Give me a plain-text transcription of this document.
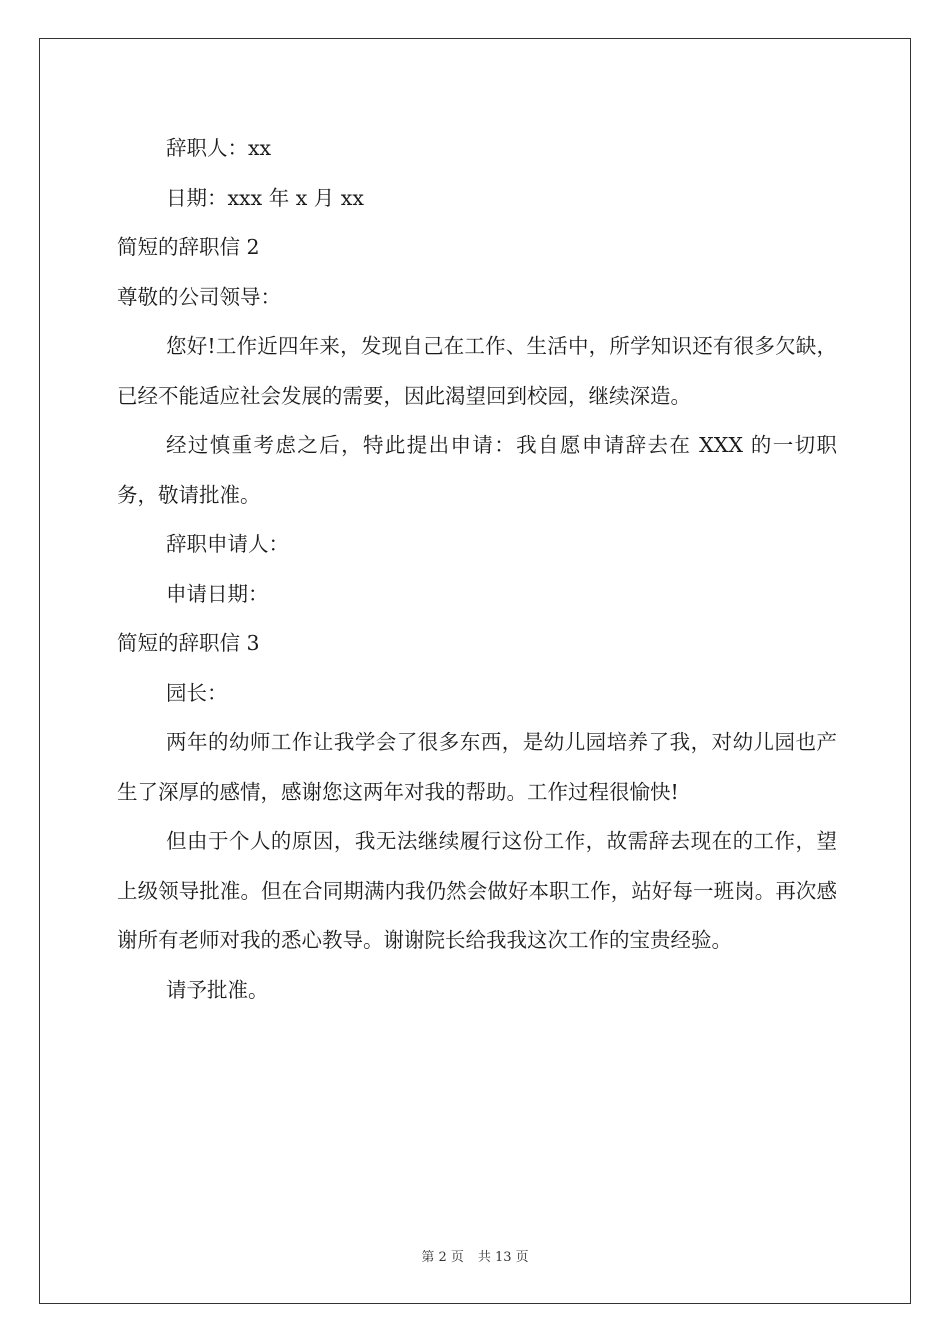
辞职人：xx

日期：xxx 年 x 月 xx

简短的辞职信 2

尊敬的公司领导：

您好!工作近四年来，发现自己在工作、生活中，所学知识还有很多欠缺，已经不能适应社会发展的需要，因此渴望回到校园，继续深造。

经过慎重考虑之后，特此提出申请：我自愿申请辞去在 XXX 的一切职务，敬请批准。

辞职申请人：

申请日期：

简短的辞职信 3

园长：

两年的幼师工作让我学会了很多东西，是幼儿园培养了我，对幼儿园也产生了深厚的感情，感谢您这两年对我的帮助。工作过程很愉快!

但由于个人的原因，我无法继续履行这份工作，故需辞去现在的工作，望上级领导批准。但在合同期满内我仍然会做好本职工作，站好每一班岗。再次感谢所有老师对我的悉心教导。谢谢院长给我我这次工作的宝贵经验。

请予批准。

第 2 页 共 13 页
